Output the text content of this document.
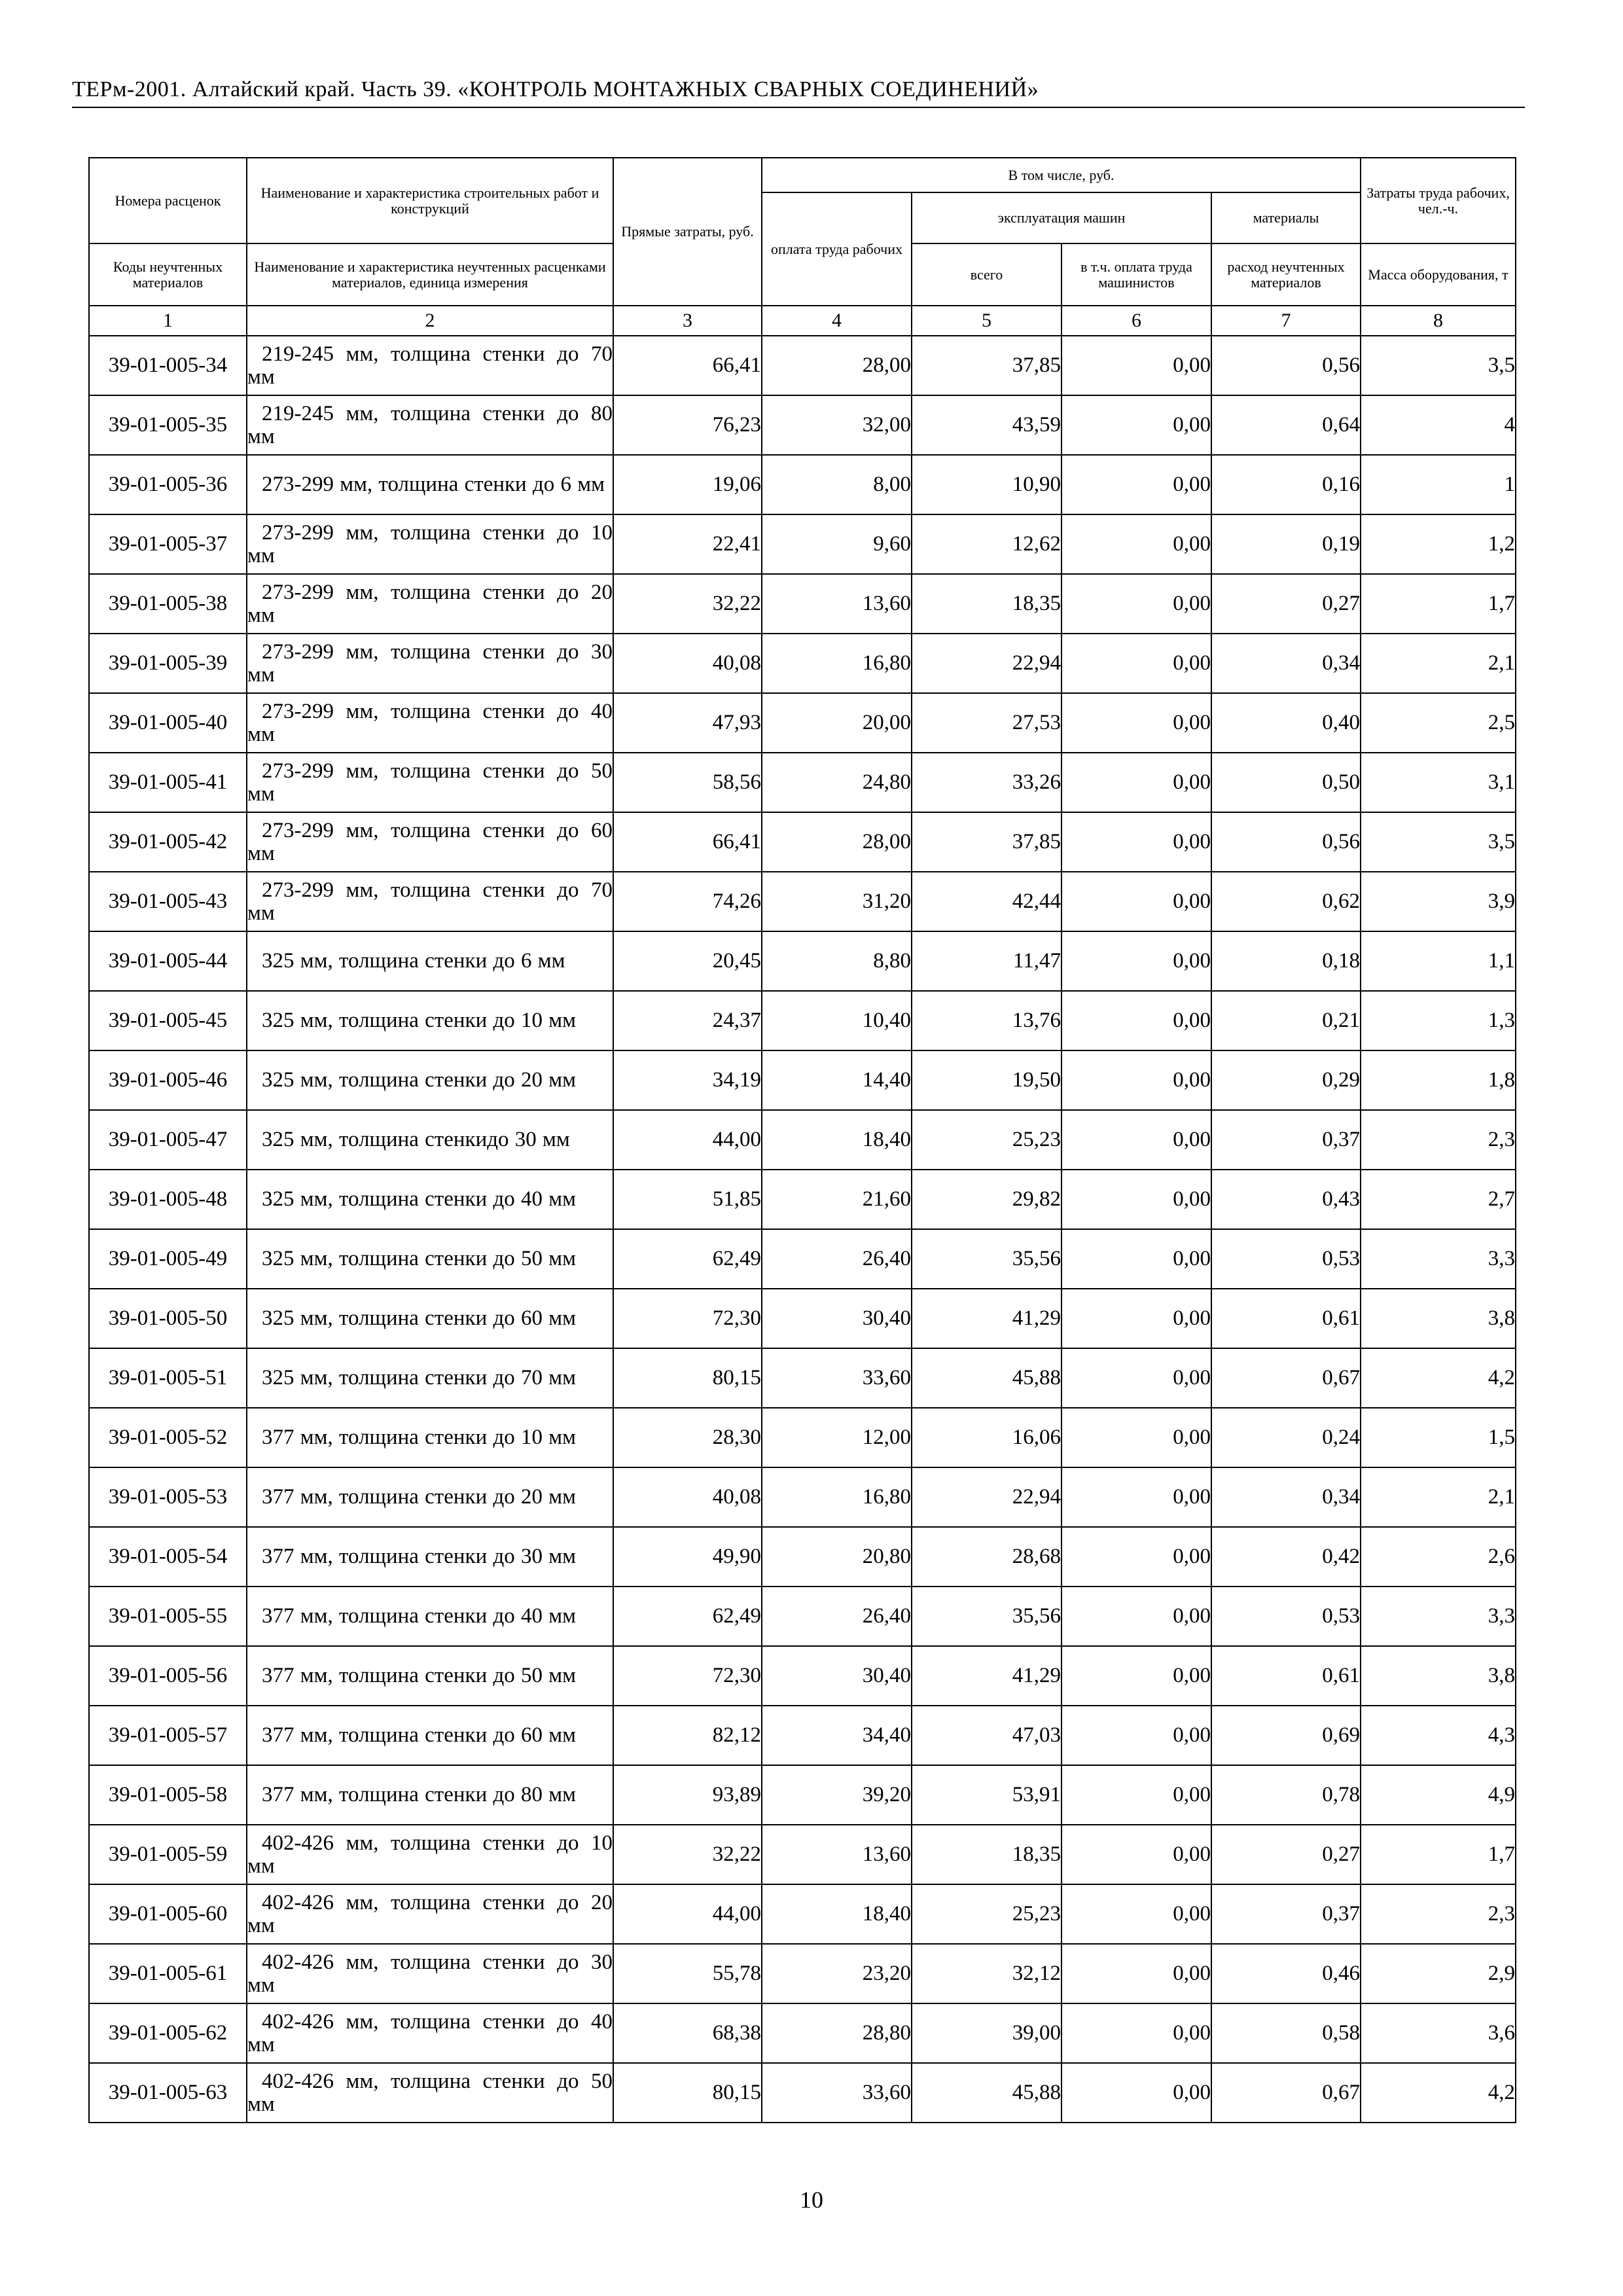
ТЕРм-2001. Алтайский край. Часть 39. «КОНТРОЛЬ МОНТАЖНЫХ СВАРНЫХ СОЕДИНЕНИЙ»
Номера расценок	Наименование и характеристика строительных работ и конструкций	Прямые затраты, руб.	В том числе, руб.				Затраты труда рабочих, чел.-ч.
			оплата труда рабочих	эксплуатация машин		материалы	
Коды неучтенных материалов	Наименование и характеристика неучтенных расценками материалов, единица измерения			всего	в т.ч. оплата труда машинистов	расход неучтенных материалов	Масса оборудования, т
1	2	3	4	5	6	7	8
39-01-005-34	219-245 мм, толщина стенки до 70 мм	66,41	28,00	37,85	0,00	0,56	3,5
39-01-005-35	219-245 мм, толщина стенки до 80 мм	76,23	32,00	43,59	0,00	0,64	4
39-01-005-36	273-299 мм, толщина стенки до 6 мм	19,06	8,00	10,90	0,00	0,16	1
39-01-005-37	273-299 мм, толщина стенки до 10 мм	22,41	9,60	12,62	0,00	0,19	1,2
39-01-005-38	273-299 мм, толщина стенки до 20 мм	32,22	13,60	18,35	0,00	0,27	1,7
39-01-005-39	273-299 мм, толщина стенки до 30 мм	40,08	16,80	22,94	0,00	0,34	2,1
39-01-005-40	273-299 мм, толщина стенки до 40 мм	47,93	20,00	27,53	0,00	0,40	2,5
39-01-005-41	273-299 мм, толщина стенки до 50 мм	58,56	24,80	33,26	0,00	0,50	3,1
39-01-005-42	273-299 мм, толщина стенки до 60 мм	66,41	28,00	37,85	0,00	0,56	3,5
39-01-005-43	273-299 мм, толщина стенки до 70 мм	74,26	31,20	42,44	0,00	0,62	3,9
39-01-005-44	325 мм, толщина стенки до 6 мм	20,45	8,80	11,47	0,00	0,18	1,1
39-01-005-45	325 мм, толщина стенки до 10 мм	24,37	10,40	13,76	0,00	0,21	1,3
39-01-005-46	325 мм, толщина стенки до 20 мм	34,19	14,40	19,50	0,00	0,29	1,8
39-01-005-47	325 мм, толщина стенкидо 30 мм	44,00	18,40	25,23	0,00	0,37	2,3
39-01-005-48	325 мм, толщина стенки до 40 мм	51,85	21,60	29,82	0,00	0,43	2,7
39-01-005-49	325 мм, толщина стенки до 50 мм	62,49	26,40	35,56	0,00	0,53	3,3
39-01-005-50	325 мм, толщина стенки до 60 мм	72,30	30,40	41,29	0,00	0,61	3,8
39-01-005-51	325 мм, толщина стенки до 70 мм	80,15	33,60	45,88	0,00	0,67	4,2
39-01-005-52	377 мм, толщина стенки до 10 мм	28,30	12,00	16,06	0,00	0,24	1,5
39-01-005-53	377 мм, толщина стенки до 20 мм	40,08	16,80	22,94	0,00	0,34	2,1
39-01-005-54	377 мм, толщина стенки до 30 мм	49,90	20,80	28,68	0,00	0,42	2,6
39-01-005-55	377 мм, толщина стенки до 40 мм	62,49	26,40	35,56	0,00	0,53	3,3
39-01-005-56	377 мм, толщина стенки до 50 мм	72,30	30,40	41,29	0,00	0,61	3,8
39-01-005-57	377 мм, толщина стенки до 60 мм	82,12	34,40	47,03	0,00	0,69	4,3
39-01-005-58	377 мм, толщина стенки до 80 мм	93,89	39,20	53,91	0,00	0,78	4,9
39-01-005-59	402-426 мм, толщина стенки до 10 мм	32,22	13,60	18,35	0,00	0,27	1,7
39-01-005-60	402-426 мм, толщина стенки до 20 мм	44,00	18,40	25,23	0,00	0,37	2,3
39-01-005-61	402-426 мм, толщина стенки до 30 мм	55,78	23,20	32,12	0,00	0,46	2,9
39-01-005-62	402-426 мм, толщина стенки до 40 мм	68,38	28,80	39,00	0,00	0,58	3,6
39-01-005-63	402-426 мм, толщина стенки до 50 мм	80,15	33,60	45,88	0,00	0,67	4,2
10
